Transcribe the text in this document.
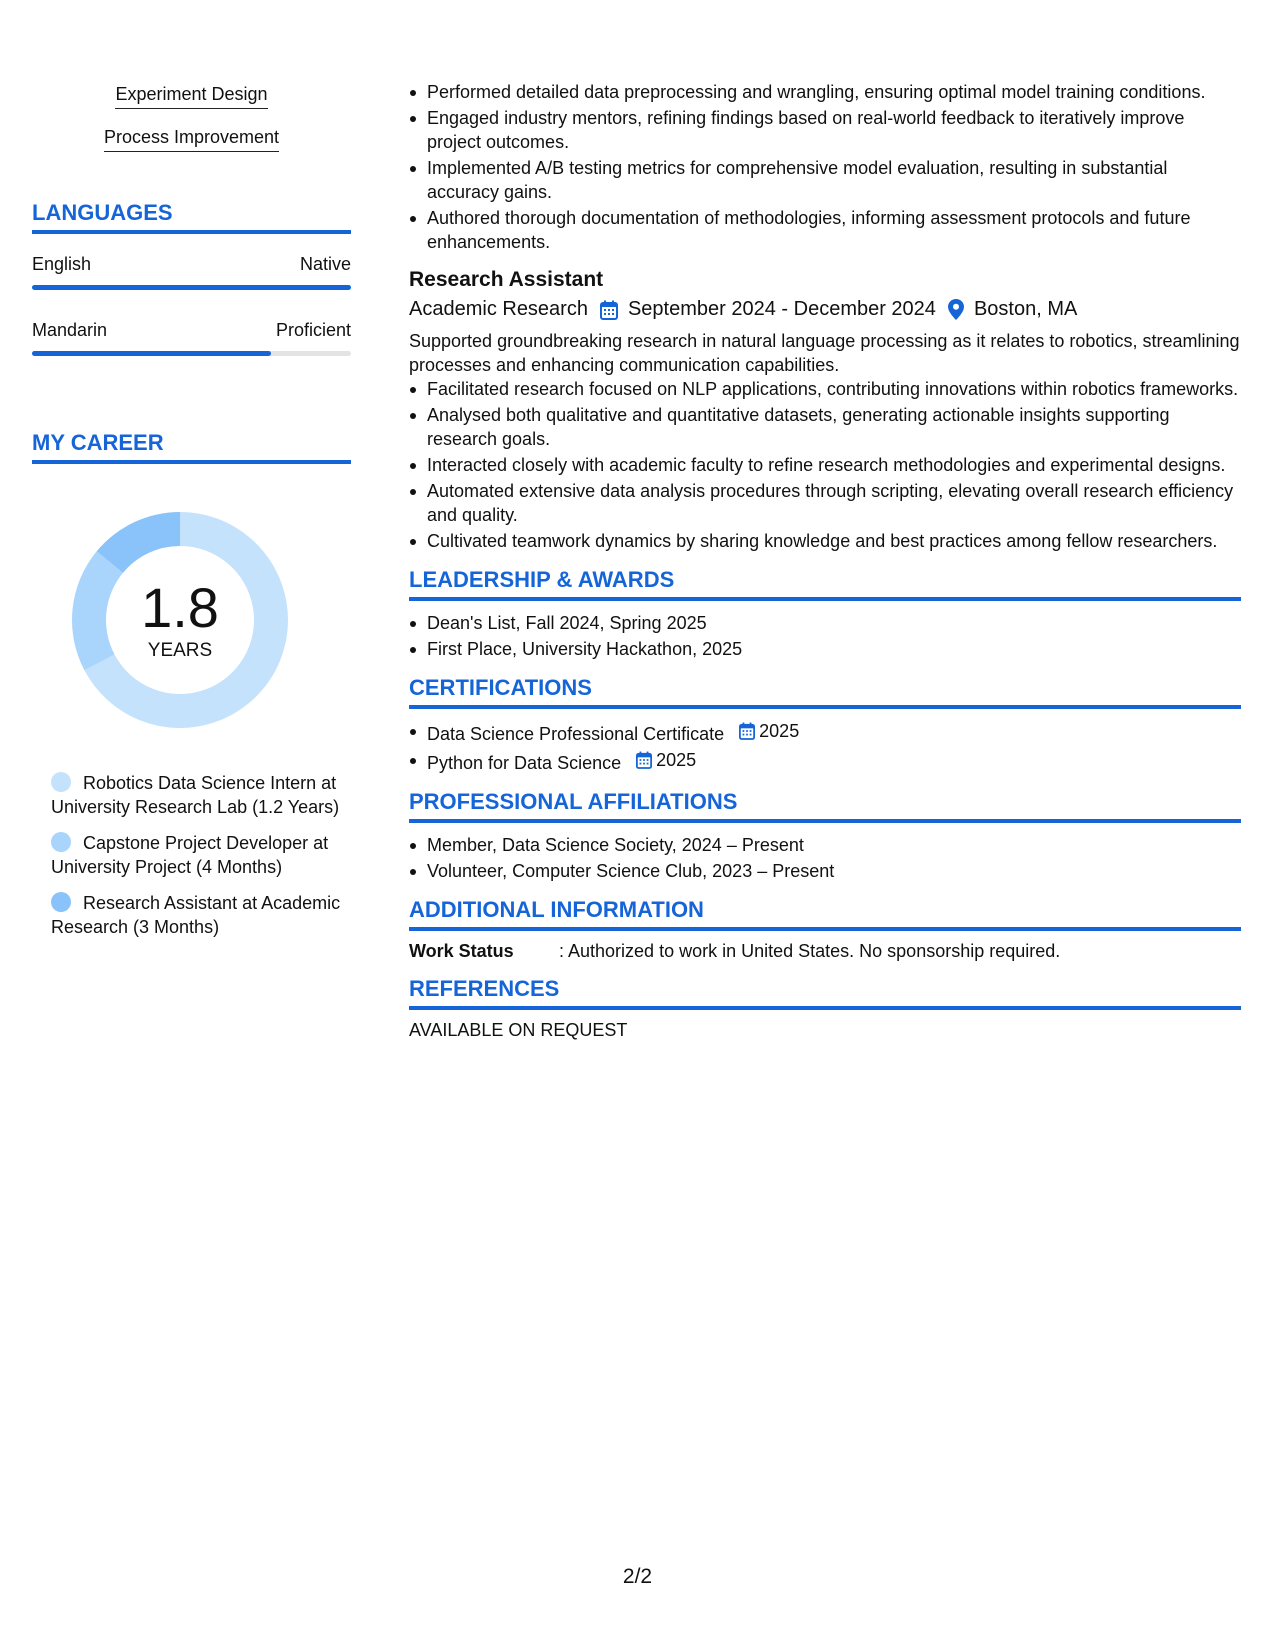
Experiment Design
Process Improvement
LANGUAGES
English	Native
Mandarin	Proficient
MY CAREER
1.8
YEARS
Robotics Data Science Intern at University Research Lab (1.2 Years)
Capstone Project Developer at University Project (4 Months)
Research Assistant at Academic Research (3 Months)
Performed detailed data preprocessing and wrangling, ensuring optimal model training conditions.
Engaged industry mentors, refining findings based on real-world feedback to iteratively improve project outcomes.
Implemented A/B testing metrics for comprehensive model evaluation, resulting in substantial accuracy gains.
Authored thorough documentation of methodologies, informing assessment protocols and future enhancements.
Research Assistant
Academic Research September 2024 - December 2024 Boston, MA
Supported groundbreaking research in natural language processing as it relates to robotics, streamlining processes and enhancing communication capabilities.
Facilitated research focused on NLP applications, contributing innovations within robotics frameworks.
Analysed both qualitative and quantitative datasets, generating actionable insights supporting research goals.
Interacted closely with academic faculty to refine research methodologies and experimental designs.
Automated extensive data analysis procedures through scripting, elevating overall research efficiency and quality.
Cultivated teamwork dynamics by sharing knowledge and best practices among fellow researchers.
LEADERSHIP & AWARDS
Dean's List, Fall 2024, Spring 2025
First Place, University Hackathon, 2025
CERTIFICATIONS
Data Science Professional Certificate 2025
Python for Data Science 2025
PROFESSIONAL AFFILIATIONS
Member, Data Science Society, 2024 – Present
Volunteer, Computer Science Club, 2023 – Present
ADDITIONAL INFORMATION
Work Status	: Authorized to work in United States. No sponsorship required.
REFERENCES
AVAILABLE ON REQUEST
2/2
